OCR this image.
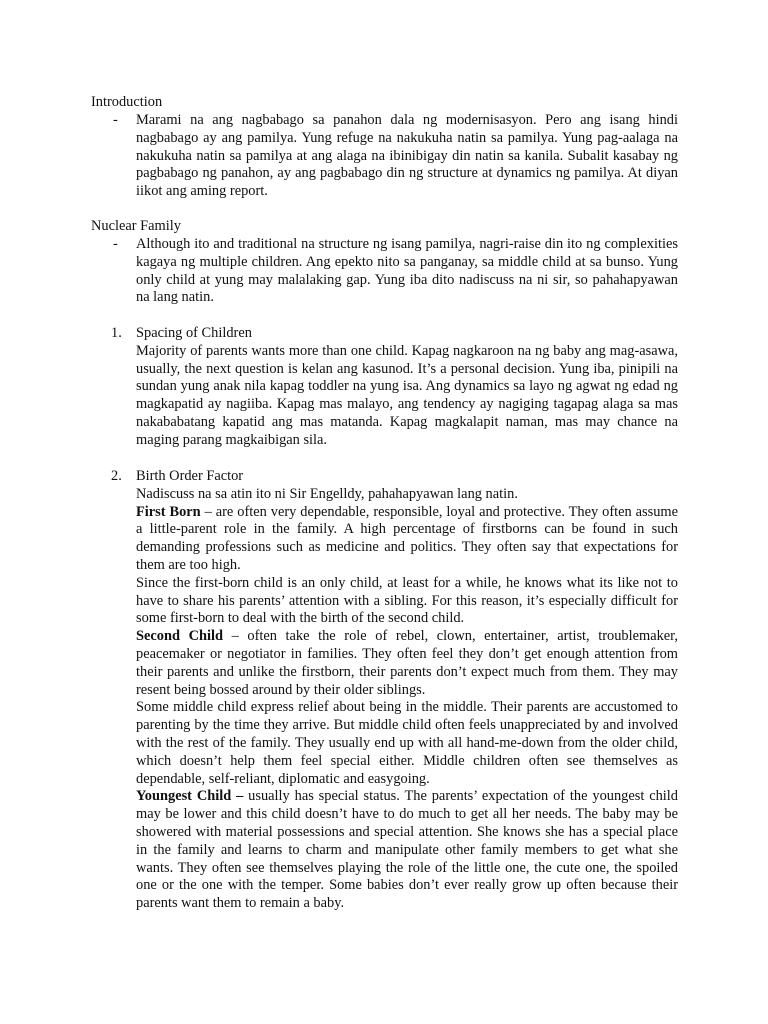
Introduction

- Marami na ang nagbabago sa panahon dala ng modernisasyon. Pero ang isang hindi nagbabago ay ang pamilya. Yung refuge na nakukuha natin sa pamilya. Yung pag-aalaga na nakukuha natin sa pamilya at ang alaga na ibinibigay din natin sa kanila. Subalit kasabay ng pagbabago ng panahon, ay ang pagbabago din ng structure at dynamics ng pamilya. At diyan iikot ang aming report.

Nuclear Family

- Although ito and traditional na structure ng isang pamilya, nagri-raise din ito ng complexities kagaya ng multiple children. Ang epekto nito sa panganay, sa middle child at sa bunso. Yung only child at yung may malalaking gap. Yung iba dito nadiscuss na ni sir, so pahahapyawan na lang natin.

1. Spacing of Children

Majority of parents wants more than one child. Kapag nagkaroon na ng baby ang mag-asawa, usually, the next question is kelan ang kasunod. It’s a personal decision. Yung iba, pinipili na sundan yung anak nila kapag toddler na yung isa. Ang dynamics sa layo ng agwat ng edad ng magkapatid ay nagiiba. Kapag mas malayo, ang tendency ay nagiging tagapag alaga sa mas nakababatang kapatid ang mas matanda. Kapag magkalapit naman, mas may chance na maging parang magkaibigan sila.

2. Birth Order Factor

Nadiscuss na sa atin ito ni Sir Engelldy, pahahapyawan lang natin.

First Born – are often very dependable, responsible, loyal and protective. They often assume a little-parent role in the family. A high percentage of firstborns can be found in such demanding professions such as medicine and politics. They often say that expectations for them are too high.

Since the first-born child is an only child, at least for a while, he knows what its like not to have to share his parents’ attention with a sibling. For this reason, it’s especially difficult for some first-born to deal with the birth of the second child.

Second Child – often take the role of rebel, clown, entertainer, artist, troublemaker, peacemaker or negotiator in families. They often feel they don’t get enough attention from their parents and unlike the firstborn, their parents don’t expect much from them. They may resent being bossed around by their older siblings.

Some middle child express relief about being in the middle. Their parents are accustomed to parenting by the time they arrive. But middle child often feels unappreciated by and involved with the rest of the family. They usually end up with all hand-me-down from the older child, which doesn’t help them feel special either. Middle children often see themselves as dependable, self-reliant, diplomatic and easygoing.

Youngest Child – usually has special status. The parents’ expectation of the youngest child may be lower and this child doesn’t have to do much to get all her needs. The baby may be showered with material possessions and special attention. She knows she has a special place in the family and learns to charm and manipulate other family members to get what she wants. They often see themselves playing the role of the little one, the cute one, the spoiled one or the one with the temper. Some babies don’t ever really grow up often because their parents want them to remain a baby.
